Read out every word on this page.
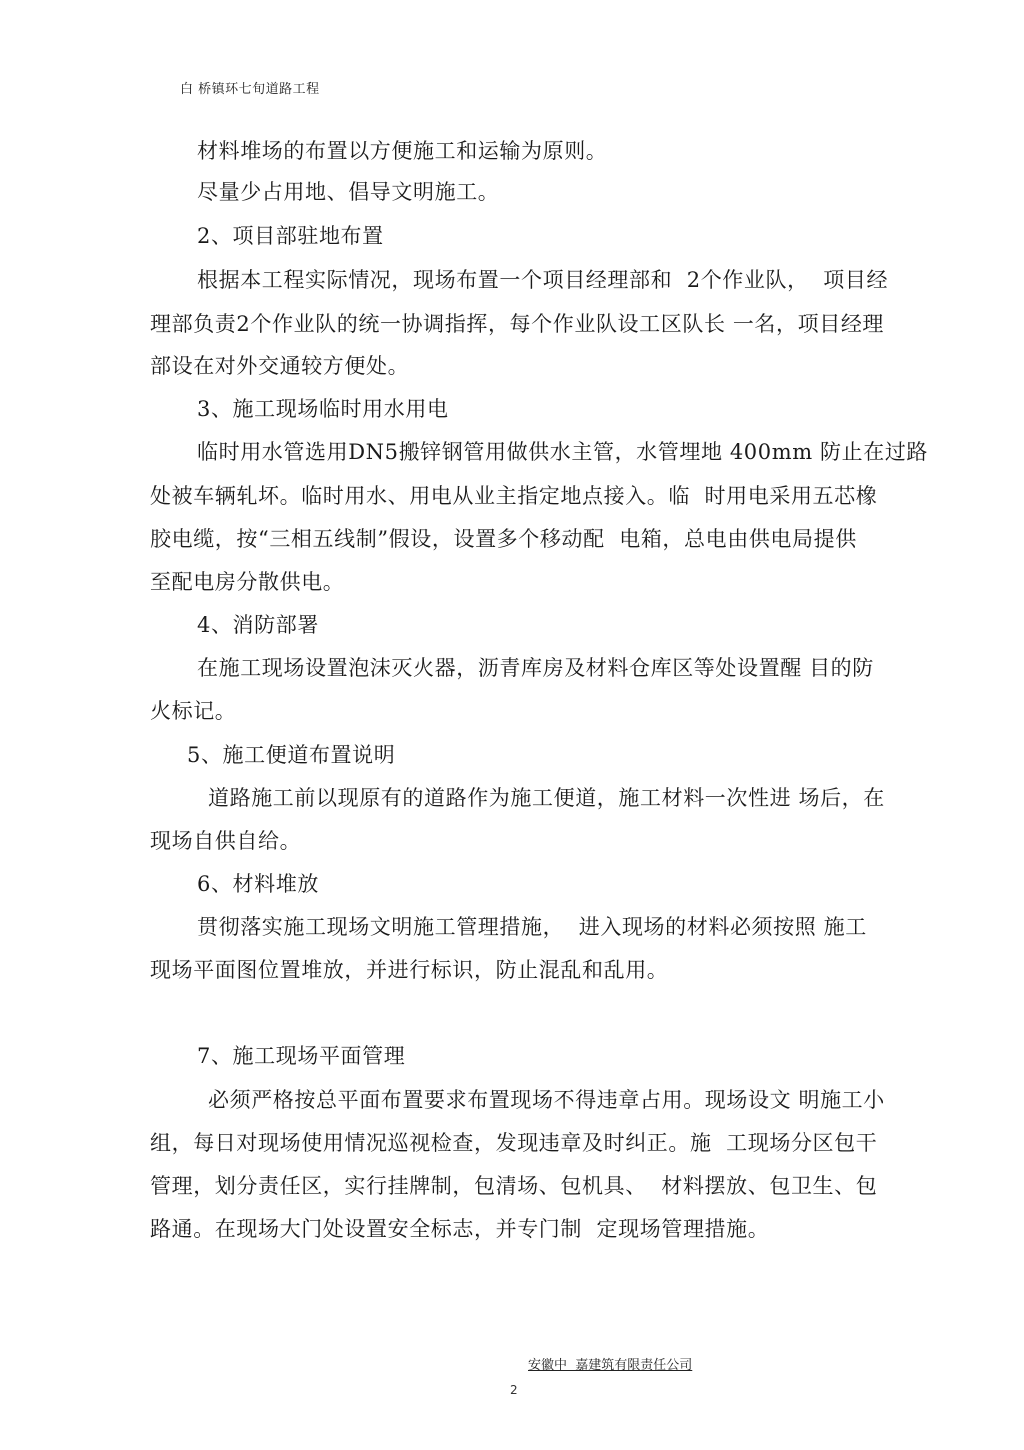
白 桥镇环七旬道路工程
材料堆场的布置以方便施工和运输为原则。
尽量少占用地、倡导文明施工。
2、项目部驻地布置
根据本工程实际情况，现场布置一个项目经理部和  2个作业队，  项目经
理部负责2个作业队的统一协调指挥，每个作业队设工区队长 一名，项目经理
部设在对外交通较方便处。
3、施工现场临时用水用电
临时用水管选用DN5搬锌钢管用做供水主管，水管埋地 400mm 防止在过路
处被车辆轧坏。临时用水、用电从业主指定地点接入。临  时用电采用五芯橡
胶电缆，按“三相五线制”假设，设置多个移动配  电箱，总电由供电局提供
至配电房分散供电。
4、消防部署
在施工现场设置泡沫灭火器，沥青库房及材料仓库区等处设置醒 目的防
火标记。
5、施工便道布置说明
道路施工前以现原有的道路作为施工便道，施工材料一次性进 场后，在
现场自供自给。
6、材料堆放
贯彻落实施工现场文明施工管理措施，  进入现场的材料必须按照 施工
现场平面图位置堆放，并进行标识，防止混乱和乱用。
7、施工现场平面管理
必须严格按总平面布置要求布置现场不得违章占用。现场设文 明施工小
组，每日对现场使用情况巡视检查，发现违章及时纠正。施  工现场分区包干
管理，划分责任区，实行挂牌制，包清场、包机具、  材料摆放、包卫生、包
路通。在现场大门处设置安全标志，并专门制  定现场管理措施。
安徽中  嘉建筑有限责任公司
2
